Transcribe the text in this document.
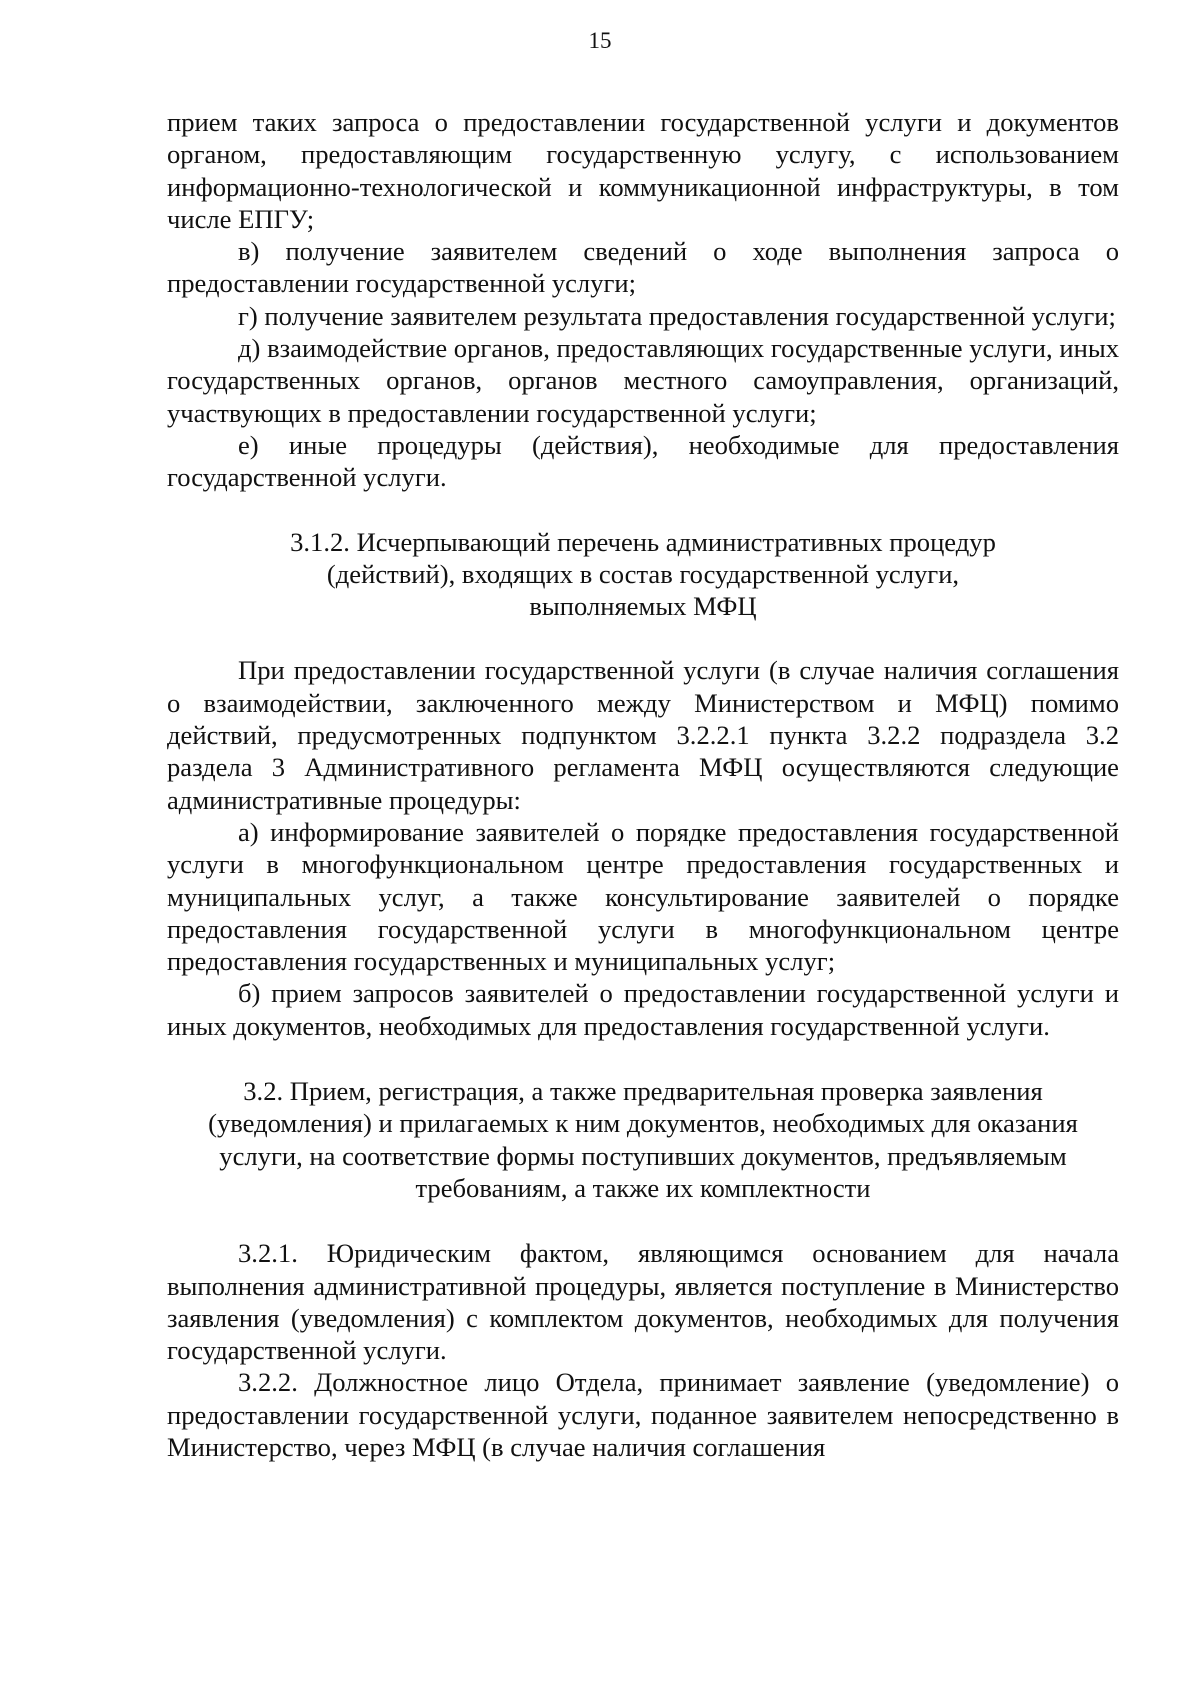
15

прием таких запроса о предоставлении государственной услуги и документов органом, предоставляющим государственную услугу, с использованием информационно-технологической и коммуникационной инфраструктуры, в том числе ЕПГУ;

в) получение заявителем сведений о ходе выполнения запроса о предоставлении государственной услуги;

г) получение заявителем результата предоставления государственной услуги;

д) взаимодействие органов, предоставляющих государственные услуги, иных государственных органов, органов местного самоуправления, организаций, участвующих в предоставлении государственной услуги;

е) иные процедуры (действия), необходимые для предоставления государственной услуги.

3.1.2. Исчерпывающий перечень административных процедур
(действий), входящих в состав государственной услуги,
выполняемых МФЦ

При предоставлении государственной услуги (в случае наличия соглашения о взаимодействии, заключенного между Министерством и МФЦ) помимо действий, предусмотренных подпунктом 3.2.2.1 пункта 3.2.2 подраздела 3.2 раздела 3 Административного регламента МФЦ осуществляются следующие административные процедуры:

а) информирование заявителей о порядке предоставления государственной услуги в многофункциональном центре предоставления государственных и муниципальных услуг, а также консультирование заявителей о порядке предоставления государственной услуги в многофункциональном центре предоставления государственных и муниципальных услуг;

б) прием запросов заявителей о предоставлении государственной услуги и иных документов, необходимых для предоставления государственной услуги.

3.2. Прием, регистрация, а также предварительная проверка заявления
(уведомления) и прилагаемых к ним документов, необходимых для оказания
услуги, на соответствие формы поступивших документов, предъявляемым
требованиям, а также их комплектности

3.2.1. Юридическим фактом, являющимся основанием для начала выполнения административной процедуры, является поступление в Министерство заявления (уведомления) с комплектом документов, необходимых для получения государственной услуги.

3.2.2. Должностное лицо Отдела, принимает заявление (уведомление) о предоставлении государственной услуги, поданное заявителем непосредственно в Министерство, через МФЦ (в случае наличия соглашения
